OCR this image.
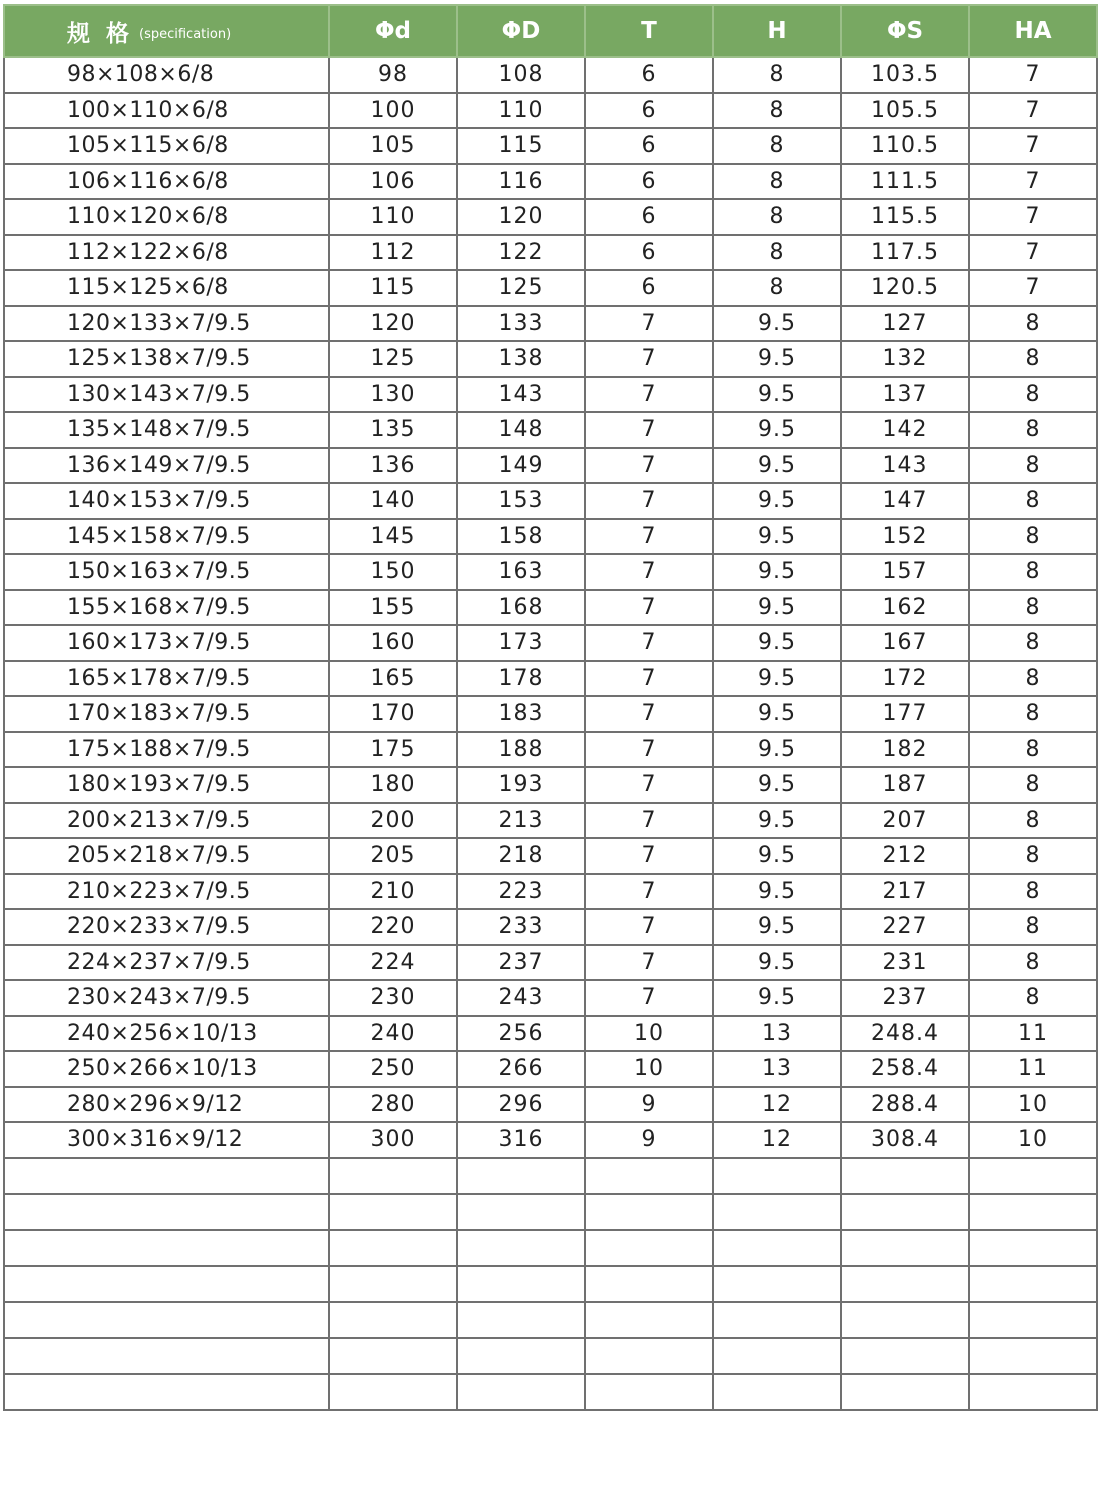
规 格 (specification)	Φd	ΦD	T	H	ΦS	HA
98×108×6/8	98	108	6	8	103.5	7
100×110×6/8	100	110	6	8	105.5	7
105×115×6/8	105	115	6	8	110.5	7
106×116×6/8	106	116	6	8	111.5	7
110×120×6/8	110	120	6	8	115.5	7
112×122×6/8	112	122	6	8	117.5	7
115×125×6/8	115	125	6	8	120.5	7
120×133×7/9.5	120	133	7	9.5	127	8
125×138×7/9.5	125	138	7	9.5	132	8
130×143×7/9.5	130	143	7	9.5	137	8
135×148×7/9.5	135	148	7	9.5	142	8
136×149×7/9.5	136	149	7	9.5	143	8
140×153×7/9.5	140	153	7	9.5	147	8
145×158×7/9.5	145	158	7	9.5	152	8
150×163×7/9.5	150	163	7	9.5	157	8
155×168×7/9.5	155	168	7	9.5	162	8
160×173×7/9.5	160	173	7	9.5	167	8
165×178×7/9.5	165	178	7	9.5	172	8
170×183×7/9.5	170	183	7	9.5	177	8
175×188×7/9.5	175	188	7	9.5	182	8
180×193×7/9.5	180	193	7	9.5	187	8
200×213×7/9.5	200	213	7	9.5	207	8
205×218×7/9.5	205	218	7	9.5	212	8
210×223×7/9.5	210	223	7	9.5	217	8
220×233×7/9.5	220	233	7	9.5	227	8
224×237×7/9.5	224	237	7	9.5	231	8
230×243×7/9.5	230	243	7	9.5	237	8
240×256×10/13	240	256	10	13	248.4	11
250×266×10/13	250	266	10	13	258.4	11
280×296×9/12	280	296	9	12	288.4	10
300×316×9/12	300	316	9	12	308.4	10
